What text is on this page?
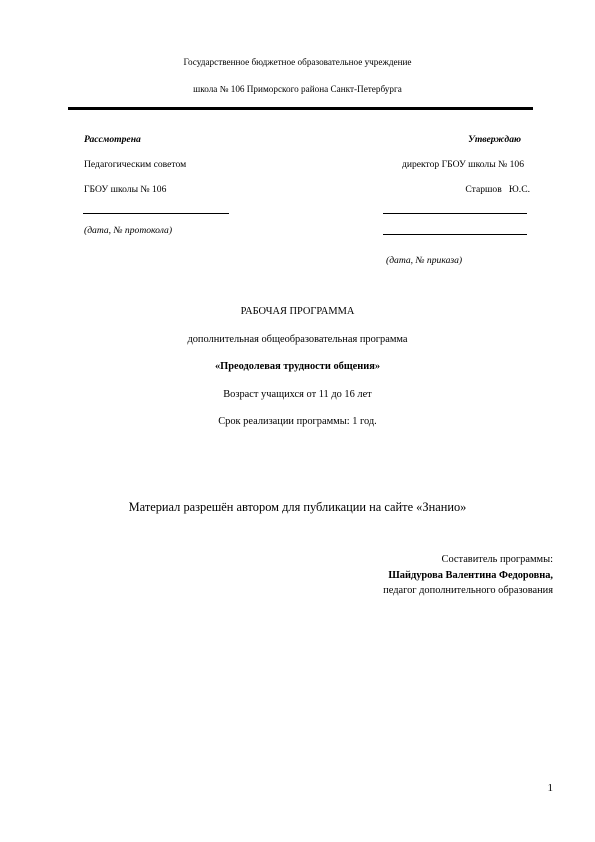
Государственное бюджетное образовательное учреждение
школа № 106 Приморского района Санкт-Петербурга
Рассмотрена
Педагогическим советом
ГБОУ школы № 106
(дата, № протокола)
Утверждаю
директор ГБОУ школы № 106
Старшов   Ю.С.
(дата, № приказа)
РАБОЧАЯ ПРОГРАММА
дополнительная общеобразовательная программа
«Преодолевая трудности общения»
Возраст учащихся от 11 до 16 лет
Срок реализации программы: 1 год.
Материал разрешён автором для публикации на сайте «Знанио»
Составитель программы:
Шайдурова Валентина Федоровна,
педагог дополнительного образования
1
